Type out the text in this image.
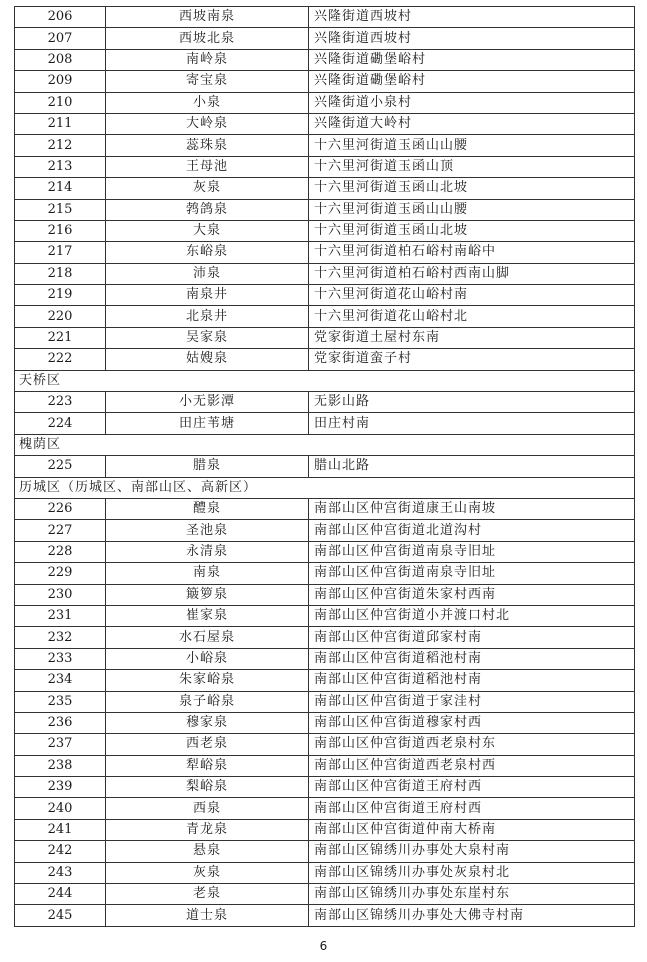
206	西坡南泉	兴隆街道西坡村
207	西坡北泉	兴隆街道西坡村
208	南岭泉	兴隆街道磡堡峪村
209	寄宝泉	兴隆街道磡堡峪村
210	小泉	兴隆街道小泉村
211	大岭泉	兴隆街道大岭村
212	蕊珠泉	十六里河街道玉函山山腰
213	王母池	十六里河街道玉函山顶
214	灰泉	十六里河街道玉函山北坡
215	鹁鸽泉	十六里河街道玉函山山腰
216	大泉	十六里河街道玉函山北坡
217	东峪泉	十六里河街道柏石峪村南峪中
218	沛泉	十六里河街道柏石峪村西南山脚
219	南泉井	十六里河街道花山峪村南
220	北泉井	十六里河街道花山峪村北
221	吴家泉	党家街道土屋村东南
222	姑嫂泉	党家街道蛮子村
天桥区		
223	小无影潭	无影山路
224	田庄苇塘	田庄村南
槐荫区		
225	腊泉	腊山北路
历城区（历城区、南部山区、高新区）		
226	醴泉	南部山区仲宫街道康王山南坡
227	圣池泉	南部山区仲宫街道北道沟村
228	永清泉	南部山区仲宫街道南泉寺旧址
229	南泉	南部山区仲宫街道南泉寺旧址
230	簸箩泉	南部山区仲宫街道朱家村西南
231	崔家泉	南部山区仲宫街道小并渡口村北
232	水石屋泉	南部山区仲宫街道邱家村南
233	小峪泉	南部山区仲宫街道稻池村南
234	朱家峪泉	南部山区仲宫街道稻池村南
235	泉子峪泉	南部山区仲宫街道于家洼村
236	穆家泉	南部山区仲宫街道穆家村西
237	西老泉	南部山区仲宫街道西老泉村东
238	犁峪泉	南部山区仲宫街道西老泉村西
239	梨峪泉	南部山区仲宫街道王府村西
240	西泉	南部山区仲宫街道王府村西
241	青龙泉	南部山区仲宫街道仲南大桥南
242	悬泉	南部山区锦绣川办事处大泉村南
243	灰泉	南部山区锦绣川办事处灰泉村北
244	老泉	南部山区锦绣川办事处东崖村东
245	道士泉	南部山区锦绣川办事处大佛寺村南
6
